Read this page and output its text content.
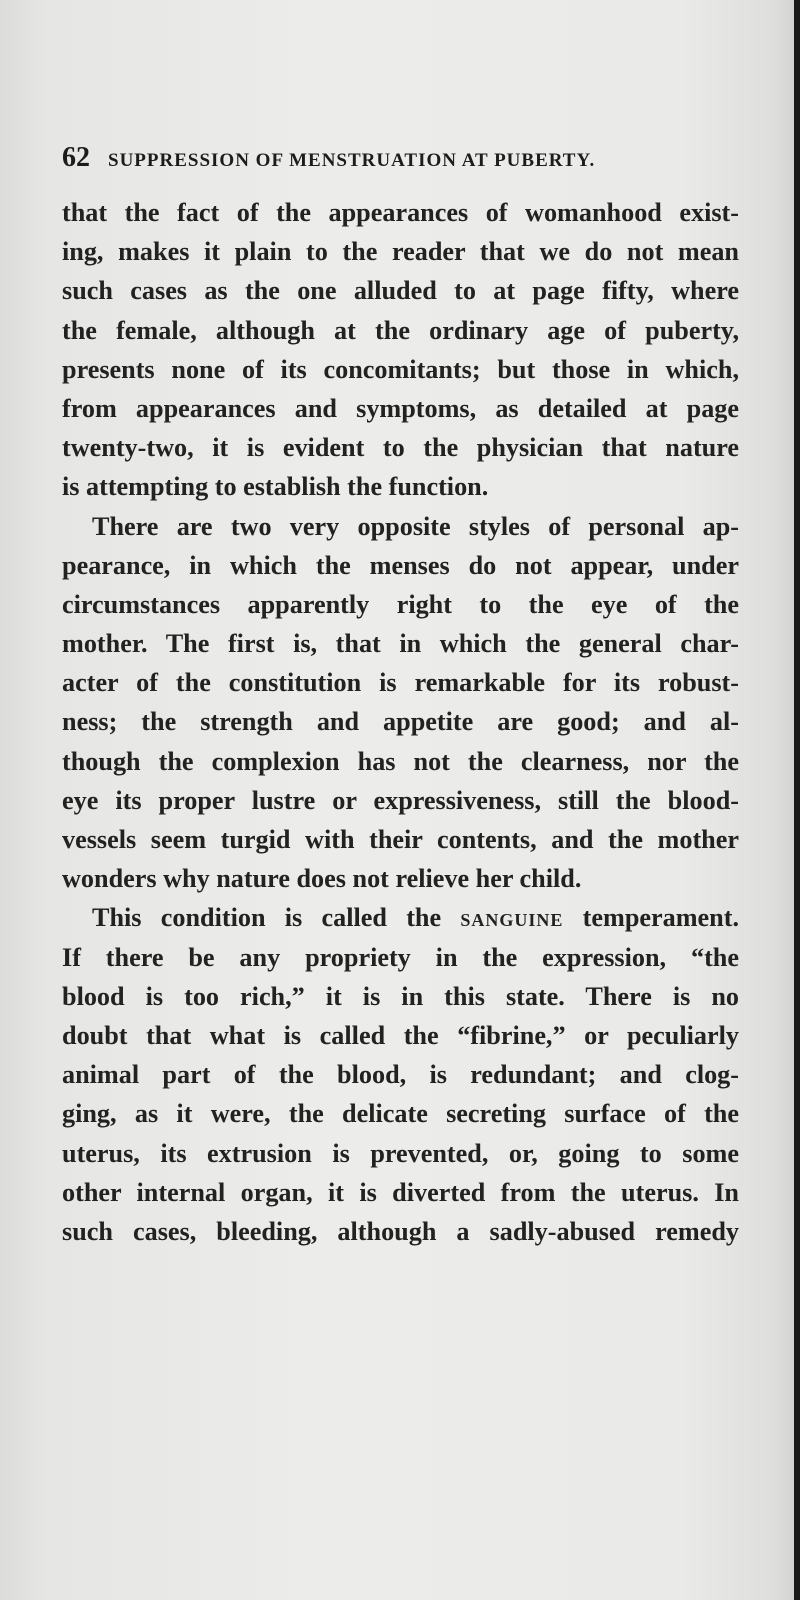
62 SUPPRESSION OF MENSTRUATION AT PUBERTY.
that the fact of the appearances of womanhood exist-
ing, makes it plain to the reader that we do not mean
such cases as the one alluded to at page fifty, where
the female, although at the ordinary age of puberty,
presents none of its concomitants; but those in which,
from appearances and symptoms, as detailed at page
twenty-two, it is evident to the physician that nature
is attempting to establish the function.
There are two very opposite styles of personal ap-
pearance, in which the menses do not appear, under
circumstances apparently right to the eye of the
mother. The first is, that in which the general char-
acter of the constitution is remarkable for its robust-
ness; the strength and appetite are good; and al-
though the complexion has not the clearness, nor the
eye its proper lustre or expressiveness, still the blood-
vessels seem turgid with their contents, and the mother
wonders why nature does not relieve her child.
This condition is called the sanguine temperament.
If there be any propriety in the expression, “the
blood is too rich,” it is in this state. There is no
doubt that what is called the “fibrine,” or peculiarly
animal part of the blood, is redundant; and clog-
ging, as it were, the delicate secreting surface of the
uterus, its extrusion is prevented, or, going to some
other internal organ, it is diverted from the uterus. In
such cases, bleeding, although a sadly-abused remedy
